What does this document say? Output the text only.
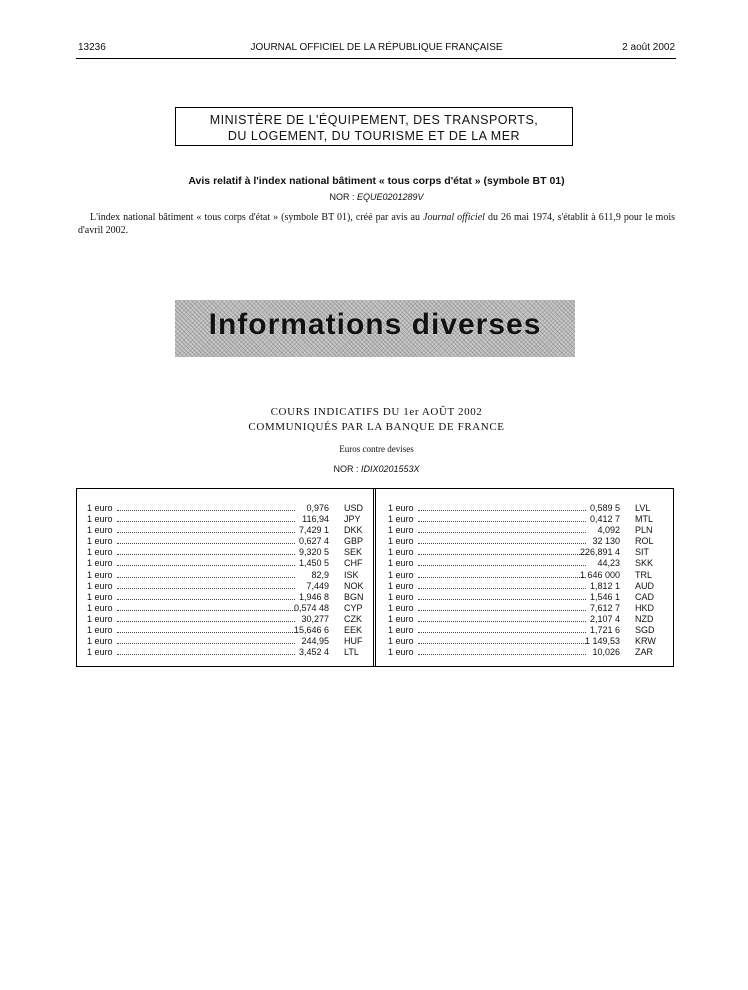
13236	JOURNAL OFFICIEL DE LA RÉPUBLIQUE FRANÇAISE	2 août 2002
MINISTÈRE DE L'ÉQUIPEMENT, DES TRANSPORTS,
DU LOGEMENT, DU TOURISME ET DE LA MER
Avis relatif à l'index national bâtiment « tous corps d'état » (symbole BT 01)
NOR : EQUE0201289V
L'index national bâtiment « tous corps d'état » (symbole BT 01), créé par avis au Journal officiel du 26 mai 1974, s'établit à 611,9 pour le mois d'avril 2002.
Informations diverses
COURS INDICATIFS DU 1er AOÛT 2002
COMMUNIQUÉS PAR LA BANQUE DE FRANCE
Euros contre devises
NOR : IDIX0201553X
1 euro	0,976 USD
1 euro	116,94 JPY
1 euro	7,429 1 DKK
1 euro	0,627 4 GBP
1 euro	9,320 5 SEK
1 euro	1,450 5 CHF
1 euro	82,9 ISK
1 euro	7,449 NOK
1 euro	1,946 8 BGN
1 euro	0,574 48 CYP
1 euro	30,277 CZK
1 euro	15,646 6 EEK
1 euro	244,95 HUF
1 euro	3,452 4 LTL
1 euro	0,589 5 LVL
1 euro	0,412 7 MTL
1 euro	4,092 PLN
1 euro	32 130 ROL
1 euro	226,891 4 SIT
1 euro	44,23 SKK
1 euro	1 646 000 TRL
1 euro	1,812 1 AUD
1 euro	1,546 1 CAD
1 euro	7,612 7 HKD
1 euro	2,107 4 NZD
1 euro	1,721 6 SGD
1 euro	1 149,53 KRW
1 euro	10,026 ZAR
